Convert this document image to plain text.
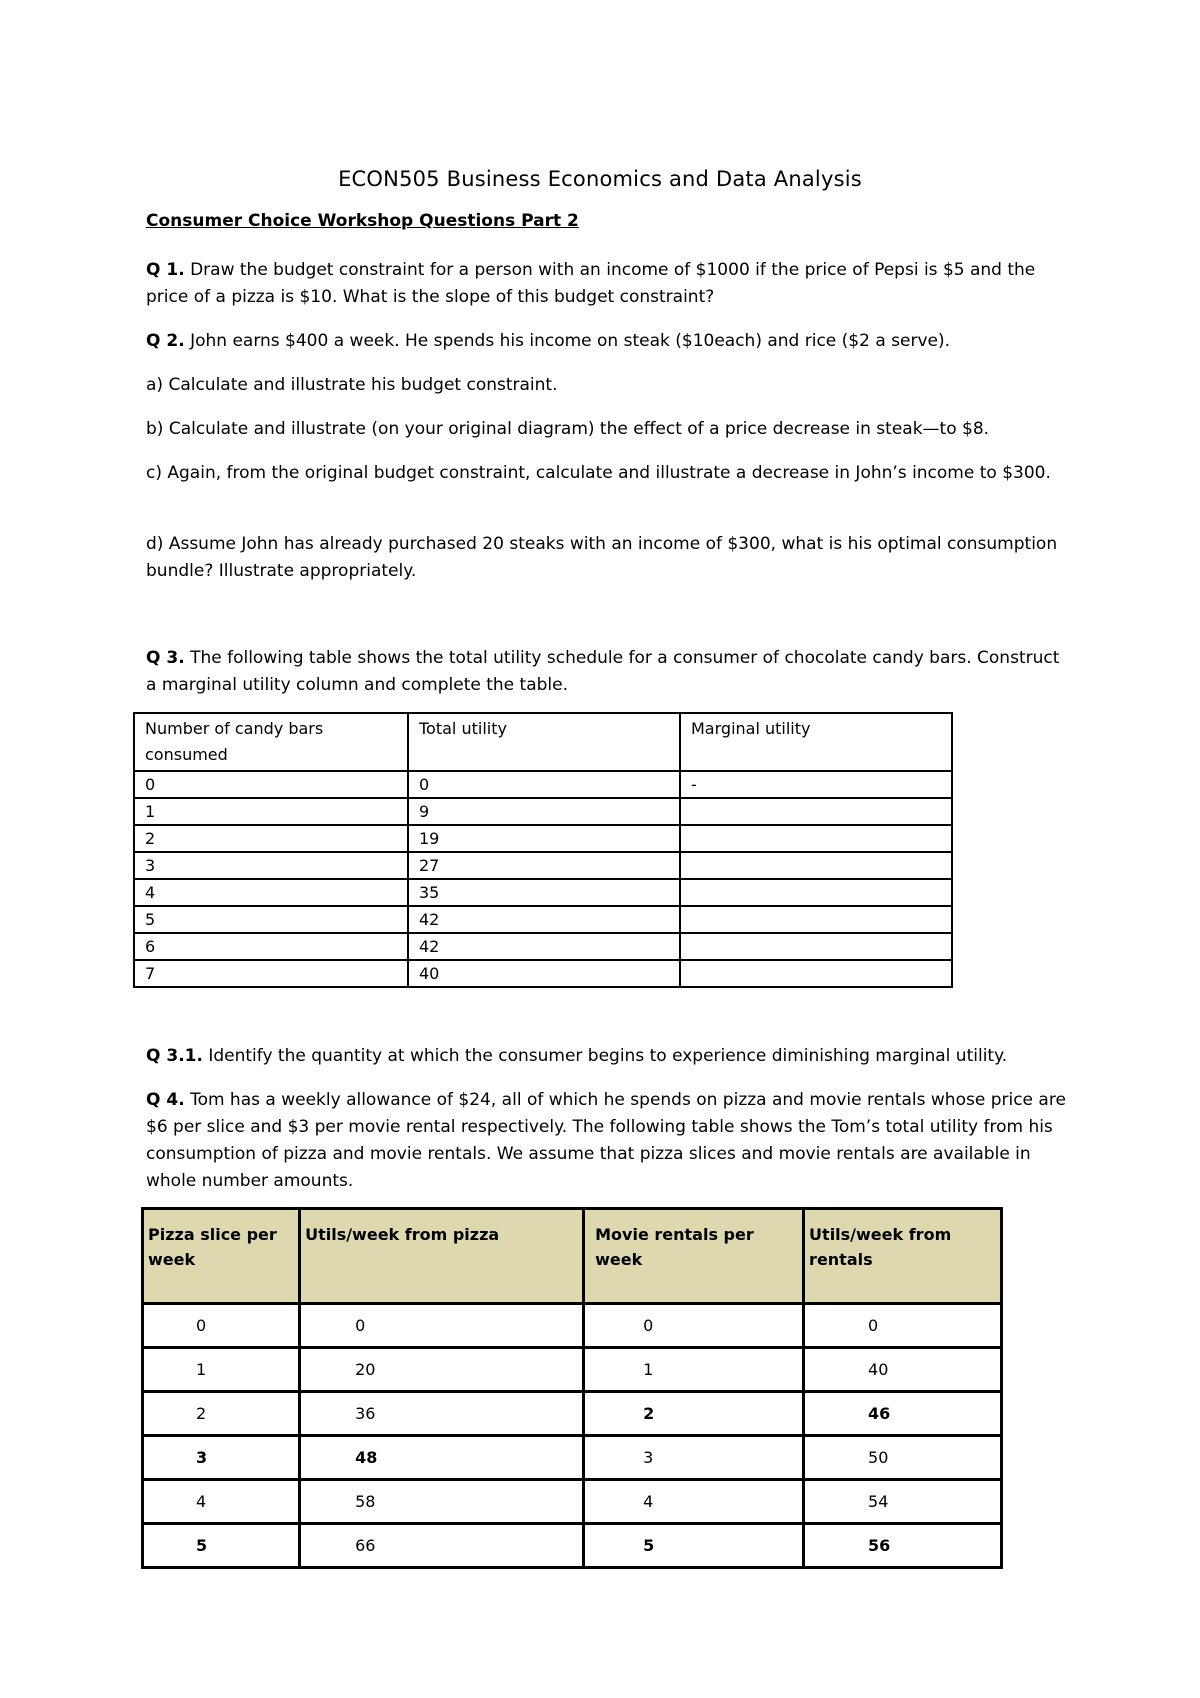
ECON505 Business Economics and Data Analysis
Consumer Choice Workshop Questions Part 2

Q 1. Draw the budget constraint for a person with an income of $1000 if the price of Pepsi is $5 and the price of a pizza is $10. What is the slope of this budget constraint?

Q 2. John earns $400 a week. He spends his income on steak ($10each) and rice ($2 a serve).

a) Calculate and illustrate his budget constraint.

b) Calculate and illustrate (on your original diagram) the effect of a price decrease in steak—to $8.

c) Again, from the original budget constraint, calculate and illustrate a decrease in John’s income to $300.

d) Assume John has already purchased 20 steaks with an income of $300, what is his optimal consumption bundle? Illustrate appropriately.

Q 3. The following table shows the total utility schedule for a consumer of chocolate candy bars. Construct a marginal utility column and complete the table.

Number of candy bars consumed	Total utility	Marginal utility
0	0	-
1	9	
2	19	
3	27	
4	35	
5	42	
6	42	
7	40	

Q 3.1. Identify the quantity at which the consumer begins to experience diminishing marginal utility.

Q 4. Tom has a weekly allowance of $24, all of which he spends on pizza and movie rentals whose price are $6 per slice and $3 per movie rental respectively. The following table shows the Tom’s total utility from his consumption of pizza and movie rentals. We assume that pizza slices and movie rentals are available in whole number amounts.

Pizza slice per week	Utils/week from pizza	Movie rentals per week	Utils/week from rentals
0	0	0	0
1	20	1	40
2	36	2	46
3	48	3	50
4	58	4	54
5	66	5	56
